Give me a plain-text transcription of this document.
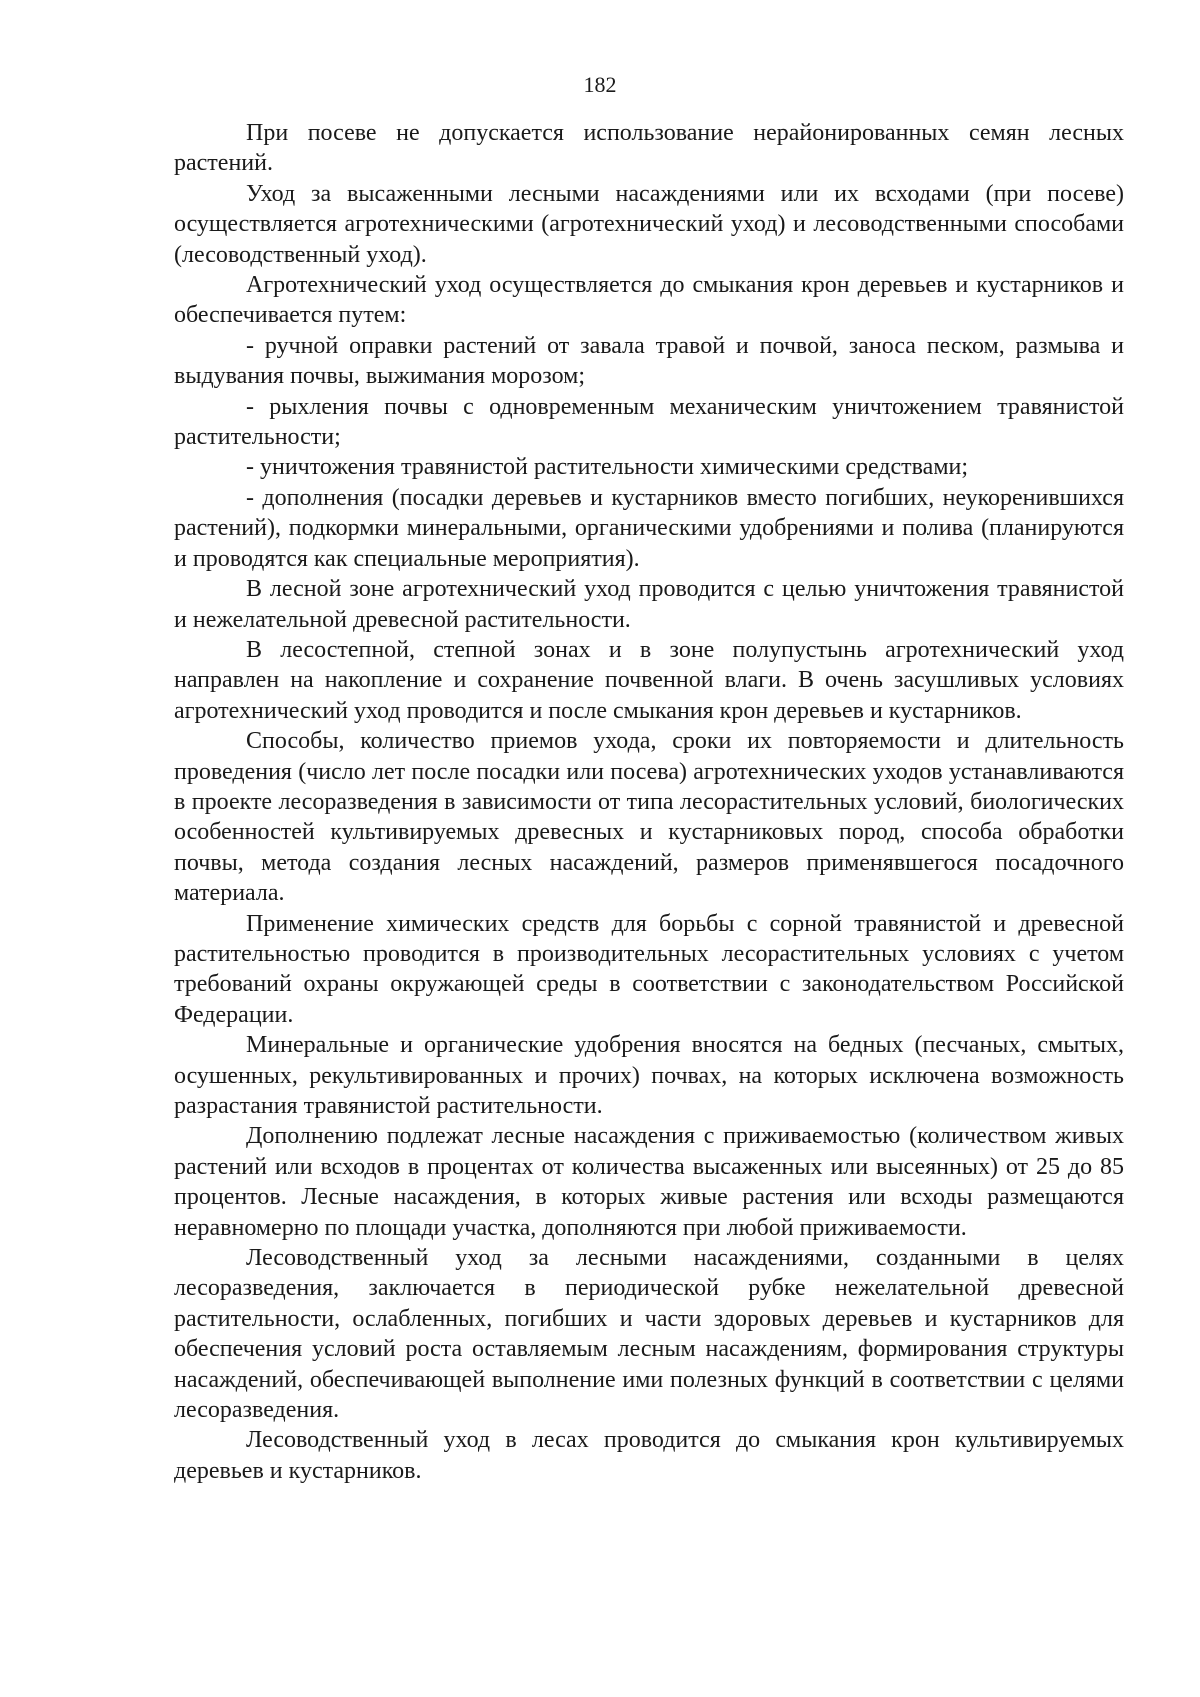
182

При посеве не допускается использование нерайонированных семян лесных растений.

Уход за высаженными лесными насаждениями или их всходами (при посеве) осуществляется агротехническими (агротехнический уход) и лесоводственными способами (лесоводственный уход).

Агротехнический уход осуществляется до смыкания крон деревьев и кустарников и обеспечивается путем:

- ручной оправки растений от завала травой и почвой, заноса песком, размыва и выдувания почвы, выжимания морозом;

- рыхления почвы с одновременным механическим уничтожением травянистой растительности;

- уничтожения травянистой растительности химическими средствами;

- дополнения (посадки деревьев и кустарников вместо погибших, неукоренившихся растений), подкормки минеральными, органическими удобрениями и полива (планируются и проводятся как специальные мероприятия).

В лесной зоне агротехнический уход проводится с целью уничтожения травянистой и нежелательной древесной растительности.

В лесостепной, степной зонах и в зоне полупустынь агротехнический уход направлен на накопление и сохранение почвенной влаги. В очень засушливых условиях агротехнический уход проводится и после смыкания крон деревьев и кустарников.

Способы, количество приемов ухода, сроки их повторяемости и длительность проведения (число лет после посадки или посева) агротехнических уходов устанавливаются в проекте лесоразведения в зависимости от типа лесорастительных условий, биологических особенностей культивируемых древесных и кустарниковых пород, способа обработки почвы, метода создания лесных насаждений, размеров применявшегося посадочного материала.

Применение химических средств для борьбы с сорной травянистой и древесной растительностью проводится в производительных лесорастительных условиях с учетом требований охраны окружающей среды в соответствии с законодательством Российской Федерации.

Минеральные и органические удобрения вносятся на бедных (песчаных, смытых, осушенных, рекультивированных и прочих) почвах, на которых исключена возможность разрастания травянистой растительности.

Дополнению подлежат лесные насаждения с приживаемостью (количеством живых растений или всходов в процентах от количества высаженных или высеянных) от 25 до 85 процентов. Лесные насаждения, в которых живые растения или всходы размещаются неравномерно по площади участка, дополняются при любой приживаемости.

Лесоводственный уход за лесными насаждениями, созданными в целях лесоразведения, заключается в периодической рубке нежелательной древесной растительности, ослабленных, погибших и части здоровых деревьев и кустарников для обеспечения условий роста оставляемым лесным насаждениям, формирования структуры насаждений, обеспечивающей выполнение ими полезных функций в соответствии с целями лесоразведения.

Лесоводственный уход в лесах проводится до смыкания крон культивируемых деревьев и кустарников.
